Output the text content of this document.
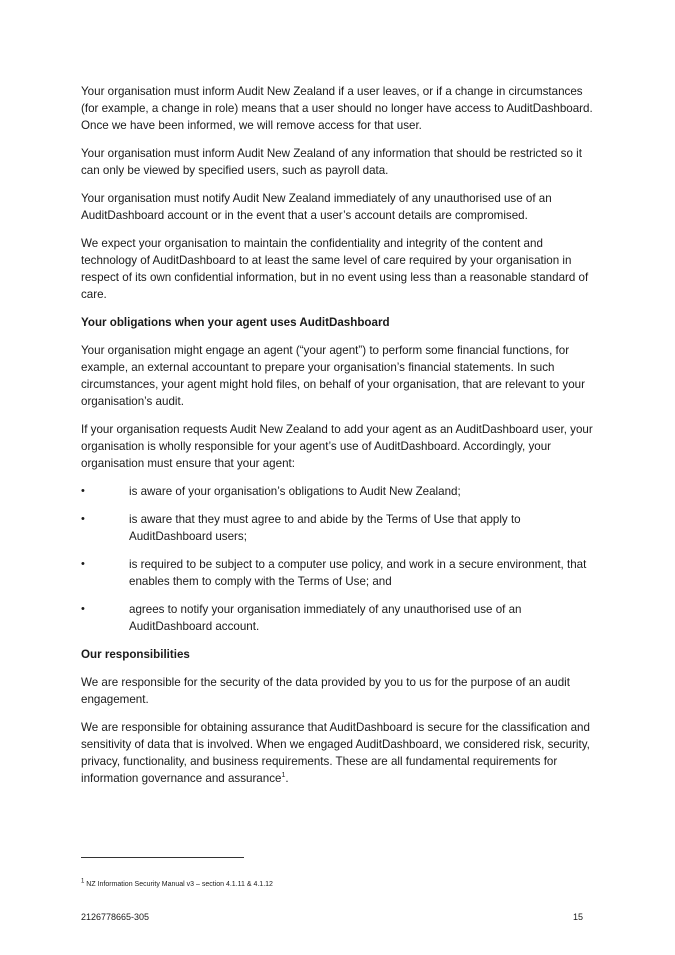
Your organisation must inform Audit New Zealand if a user leaves, or if a change in circumstances (for example, a change in role) means that a user should no longer have access to AuditDashboard. Once we have been informed, we will remove access for that user.

Your organisation must inform Audit New Zealand of any information that should be restricted so it can only be viewed by specified users, such as payroll data.

Your organisation must notify Audit New Zealand immediately of any unauthorised use of an AuditDashboard account or in the event that a user’s account details are compromised.

We expect your organisation to maintain the confidentiality and integrity of the content and technology of AuditDashboard to at least the same level of care required by your organisation in respect of its own confidential information, but in no event using less than a reasonable standard of care.

Your obligations when your agent uses AuditDashboard

Your organisation might engage an agent (“your agent”) to perform some financial functions, for example, an external accountant to prepare your organisation’s financial statements. In such circumstances, your agent might hold files, on behalf of your organisation, that are relevant to your organisation’s audit.

If your organisation requests Audit New Zealand to add your agent as an AuditDashboard user, your organisation is wholly responsible for your agent’s use of AuditDashboard. Accordingly, your organisation must ensure that your agent:

•	is aware of your organisation’s obligations to Audit New Zealand;
•	is aware that they must agree to and abide by the Terms of Use that apply to AuditDashboard users;
•	is required to be subject to a computer use policy, and work in a secure environment, that enables them to comply with the Terms of Use; and
•	agrees to notify your organisation immediately of any unauthorised use of an AuditDashboard account.
Our responsibilities

We are responsible for the security of the data provided by you to us for the purpose of an audit engagement.

We are responsible for obtaining assurance that AuditDashboard is secure for the classification and sensitivity of data that is involved. When we engaged AuditDashboard, we considered risk, security, privacy, functionality, and business requirements. These are all fundamental requirements for information governance and assurance$^1$.

$^1$ NZ Information Security Manual v3 – section 4.1.11 & 4.1.12
2126778665-305	15
